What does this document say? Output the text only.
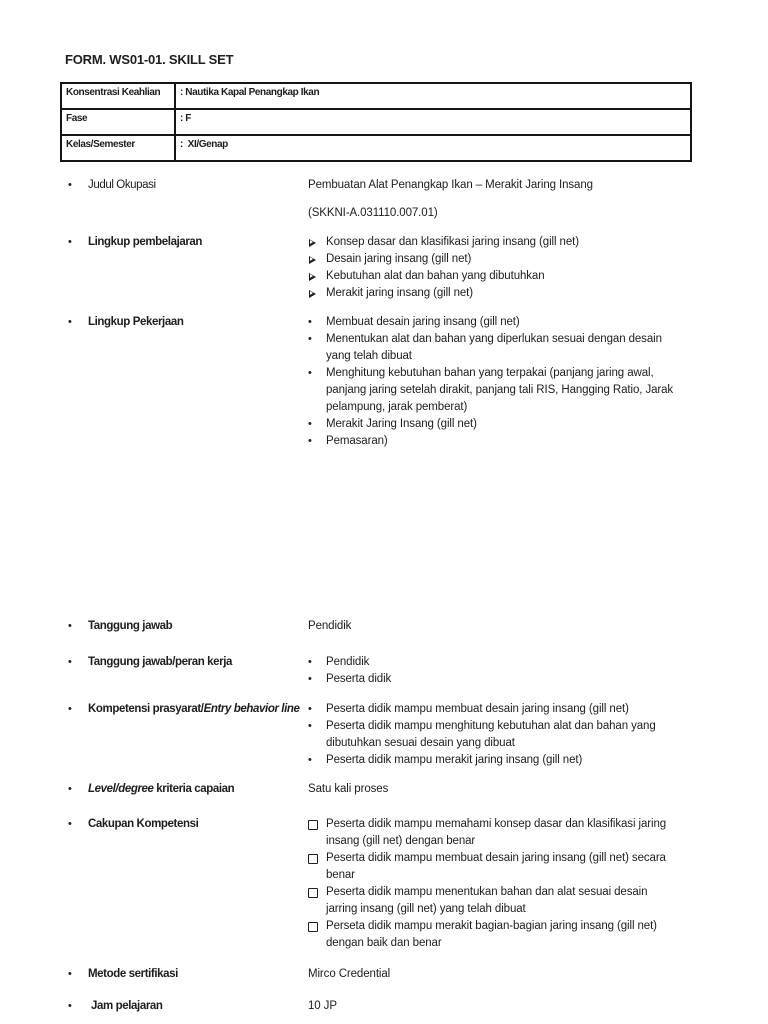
FORM. WS01-01. SKILL SET
Konsentrasi Keahlian	: Nautika Kapal Penangkap Ikan
Fase	: F
Kelas/Semester	:  XI/Genap
•	Judul Okupasi	Pembuatan Alat Penangkap Ikan – Merakit Jaring Insang
(SKKNI-A.031110.007.01)
•	Lingkup pembelajaran	Konsep dasar dan klasifikasi jaring insang (gill net)
Desain jaring insang (gill net)
Kebutuhan alat dan bahan yang dibutuhkan
Merakit jaring insang (gill net)
•	Lingkup Pekerjaan	•	Membuat desain jaring insang (gill net)
•	Menentukan alat dan bahan yang diperlukan sesuai dengan desain yang telah dibuat
•	Menghitung kebutuhan bahan yang terpakai (panjang jaring awal, panjang jaring setelah dirakit, panjang tali RIS, Hangging Ratio, Jarak pelampung, jarak pemberat)
•	Merakit Jaring Insang (gill net)
•	Pemasaran)
•	Tanggung jawab	Pendidik
•	Tanggung jawab/peran kerja	•	Pendidik
•	Peserta didik
•	Kompetensi prasyarat/Entry behavior line •	Peserta didik mampu membuat desain jaring insang (gill net)
•	Peserta didik mampu menghitung kebutuhan alat dan bahan yang dibutuhkan sesuai desain yang dibuat
•	Peserta didik mampu merakit jaring insang (gill net)
•	Level/degree kriteria capaian	Satu kali proses
•	Cakupan Kompetensi	Peserta didik mampu memahami konsep dasar dan klasifikasi jaring insang (gill net) dengan benar
Peserta didik mampu membuat desain jaring insang (gill net) secara benar
Peserta didik mampu menentukan bahan dan alat sesuai desain jarring insang (gill net) yang telah dibuat
Perseta didik mampu merakit bagian-bagian jaring insang (gill net) dengan baik dan benar
•	Metode sertifikasi	Mirco Credential
•	Jam pelajaran	10 JP
